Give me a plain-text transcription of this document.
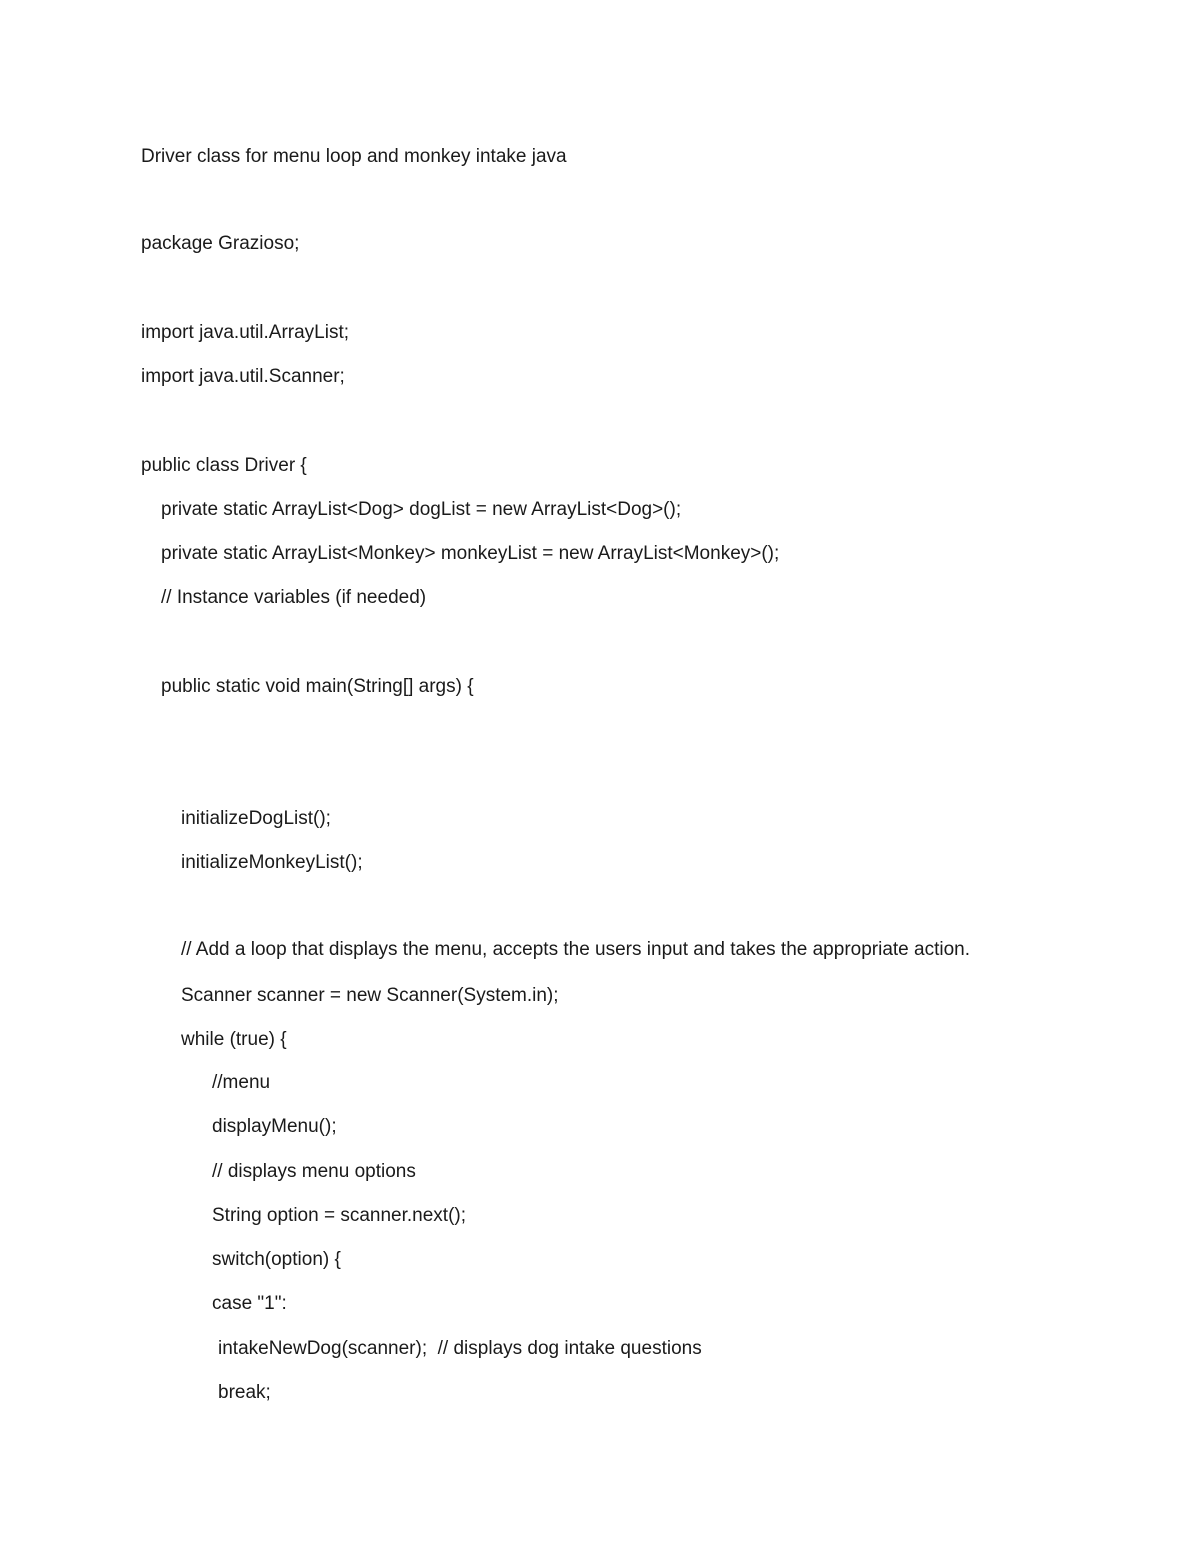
Driver class for menu loop and monkey intake java
package Grazioso;
import java.util.ArrayList;
import java.util.Scanner;
public class Driver {
private static ArrayList<Dog> dogList = new ArrayList<Dog>();
private static ArrayList<Monkey> monkeyList = new ArrayList<Monkey>();
// Instance variables (if needed)
public static void main(String[] args) {
initializeDogList();
initializeMonkeyList();
// Add a loop that displays the menu, accepts the users input and takes the appropriate action.
Scanner scanner = new Scanner(System.in);
while (true) {
//menu
displayMenu();
// displays menu options
String option = scanner.next();
switch(option) {
case "1":
intakeNewDog(scanner);  // displays dog intake questions
break;
